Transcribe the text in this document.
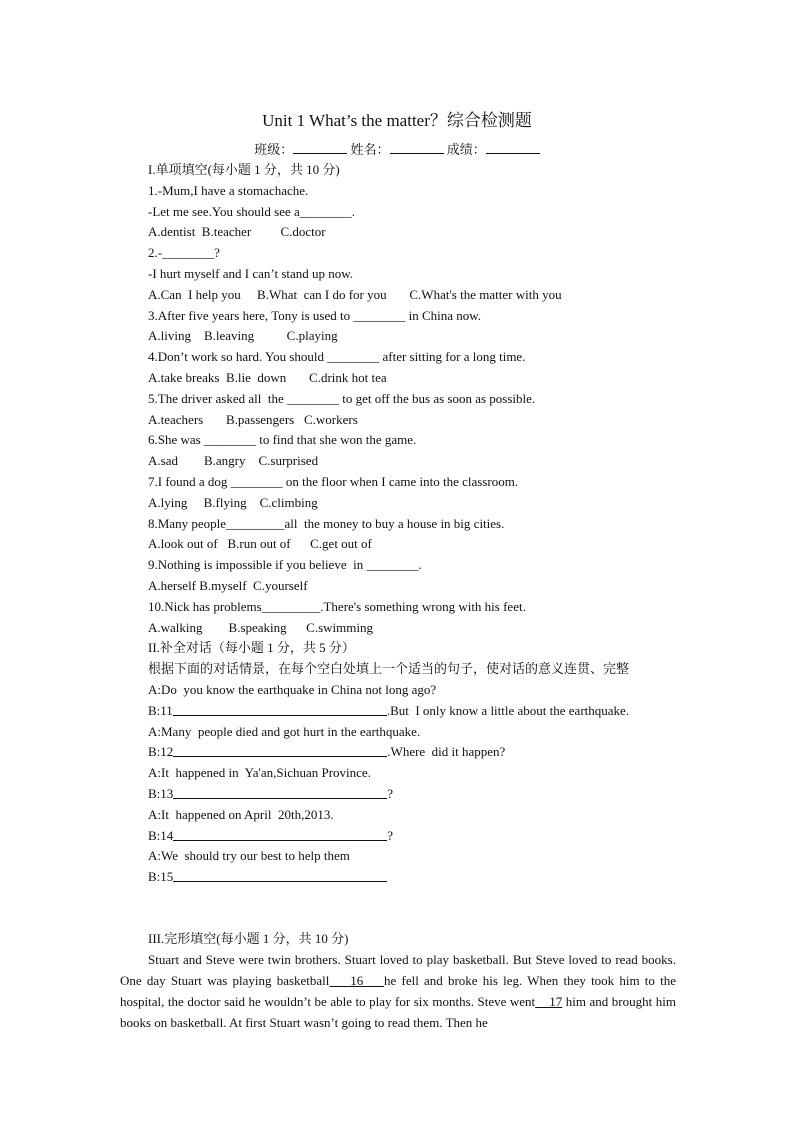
Unit 1 What’s the matter？综合检测题
班级：	姓名：	成绩：
I.单项填空(每小题 1 分，共 10 分)
1.-Mum,I have a stomachache.
-Let me see.You should see a________.
A.dentist  B.teacher         C.doctor
2.-________?
-I hurt myself and I can’t stand up now.
A.Can  I help you     B.What  can I do for you       C.What's the matter with you
3.After five years here, Tony is used to ________ in China now.
A.living    B.leaving          C.playing
4.Don’t work so hard. You should ________ after sitting for a long time.
A.take breaks  B.lie  down       C.drink hot tea
5.The driver asked all  the ________ to get off the bus as soon as possible.
A.teachers       B.passengers   C.workers
6.She was ________ to find that she won the game.
A.sad        B.angry    C.surprised
7.I found a dog ________ on the floor when I came into the classroom.
A.lying     B.flying    C.climbing
8.Many people_________all  the money to buy a house in big cities.
A.look out of   B.run out of      C.get out of
9.Nothing is impossible if you believe  in ________.
A.herself B.myself  C.yourself
10.Nick has problems_________.There's something wrong with his feet.
A.walking        B.speaking      C.swimming
II.补全对话（每小题 1 分，共 5 分）
根据下面的对话情景，在每个空白处填上一个适当的句子，使对话的意义连贯、完整
A:Do  you know the earthquake in China not long ago?
B:11	.But  I only know a little about the earthquake.
A:Many  people died and got hurt in the earthquake.
B:12	.Where  did it happen?
A:It  happened in  Ya'an,Sichuan Province.
B:13	?
A:It  happened on April  20th,2013.
B:14	?
A:We  should try our best to help them
B:15
III.完形填空(每小题 1 分，共 10 分)

Stuart and Steve were twin brothers. Stuart loved to play basketball. But Steve loved to read books. One day Stuart was playing basketball    16    he fell and broke his leg. When they took him to the hospital, the doctor said he wouldn’t be able to play for six months. Steve went    17 him and brought him books on basketball. At first Stuart wasn’t going to read them. Then he
